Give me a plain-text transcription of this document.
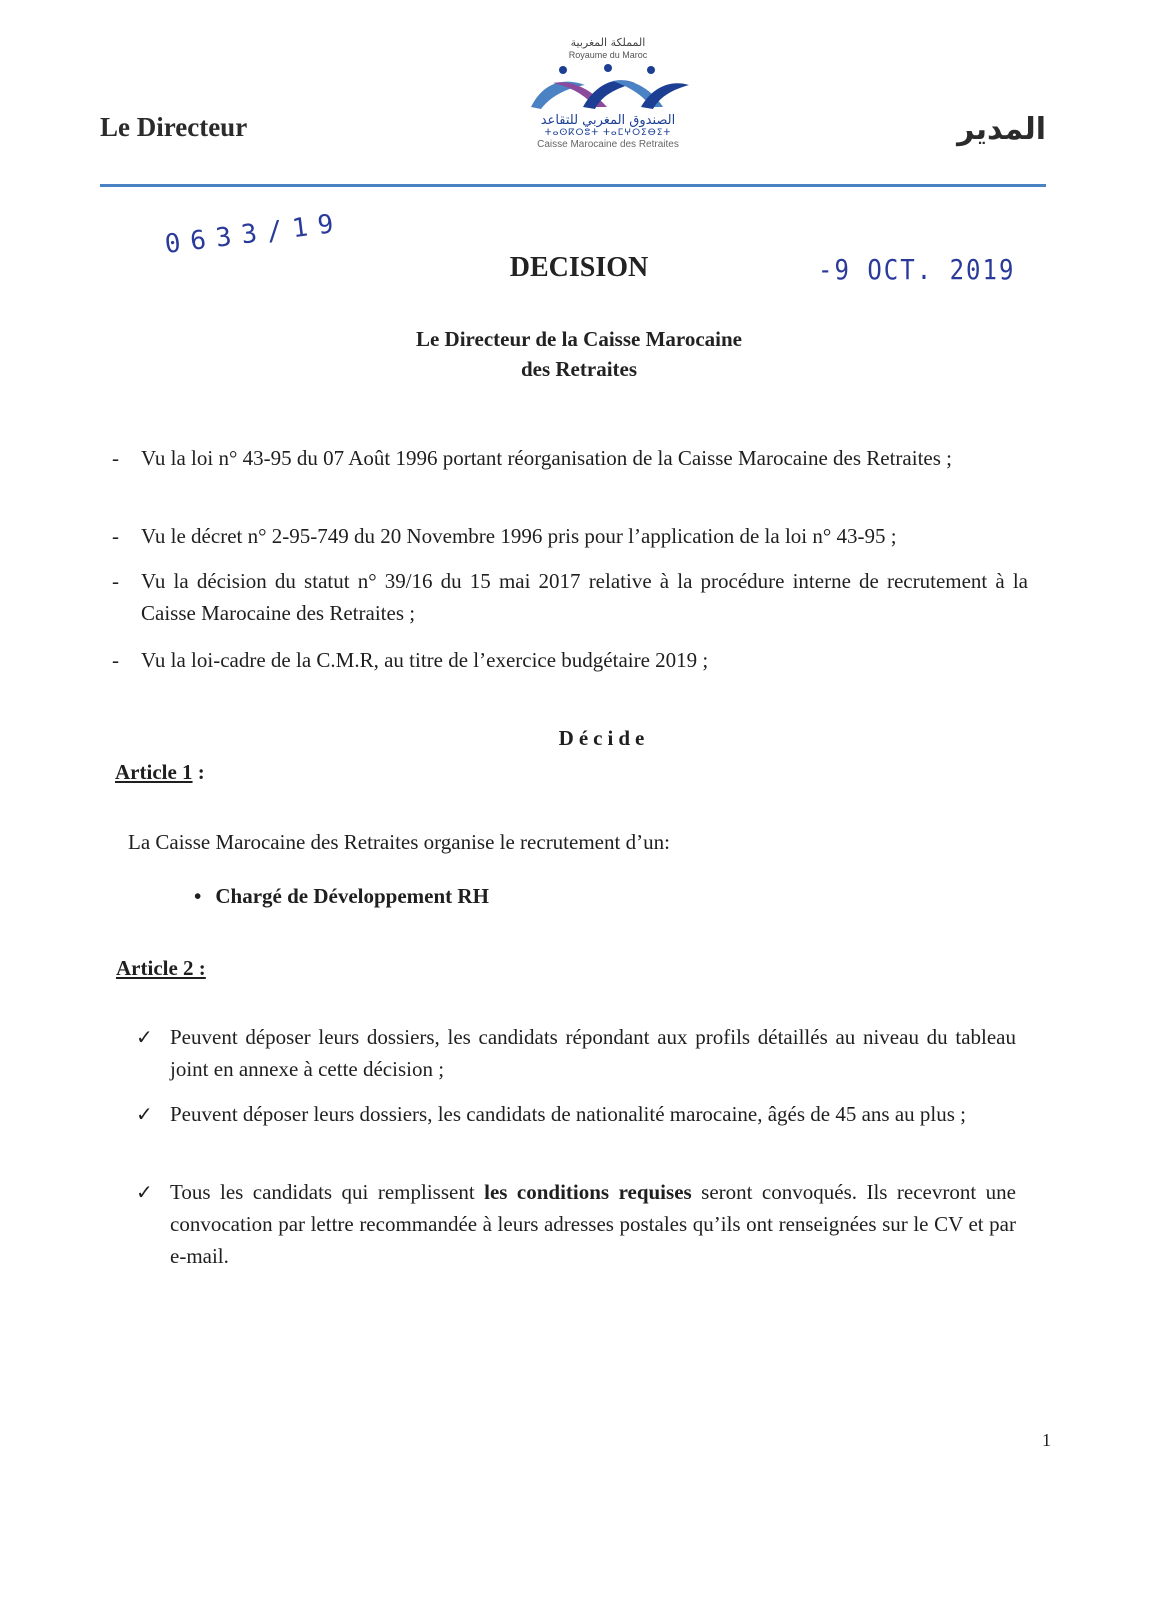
Le Directeur
المملكة المغربية
Royaume du Maroc
الصندوق المغربي للتقاعد
ⵜⴰⵙⴽⵔⵓⵜ ⵜⴰⵎⵖⵔⵉⴱⵉⵜ
Caisse Marocaine des Retraites	المدير
0633/19
-9 OCT. 2019
DECISION
Le Directeur de la Caisse Marocaine
des Retraites
- Vu la loi n° 43-95 du 07 Août 1996 portant réorganisation de la Caisse Marocaine des Retraites ;
- Vu le décret n° 2-95-749 du 20 Novembre 1996 pris pour l’application de la loi n° 43-95 ;
- Vu la décision du statut n° 39/16 du 15 mai 2017 relative à la procédure interne de recrutement à la Caisse Marocaine des Retraites ;
- Vu la loi-cadre de la C.M.R, au titre de l’exercice budgétaire 2019 ;
Décide
Article 1 :
La Caisse Marocaine des Retraites organise le recrutement d’un:
• Chargé de Développement RH
Article 2 :
✓ Peuvent déposer leurs dossiers, les candidats répondant aux profils détaillés au niveau du tableau joint en annexe à cette décision ;
✓ Peuvent déposer leurs dossiers, les candidats de nationalité marocaine, âgés de 45 ans au plus ;
✓ Tous les candidats qui remplissent les conditions requises seront convoqués. Ils recevront une convocation par lettre recommandée à leurs adresses postales qu’ils ont renseignées sur le CV et par e-mail.
1
